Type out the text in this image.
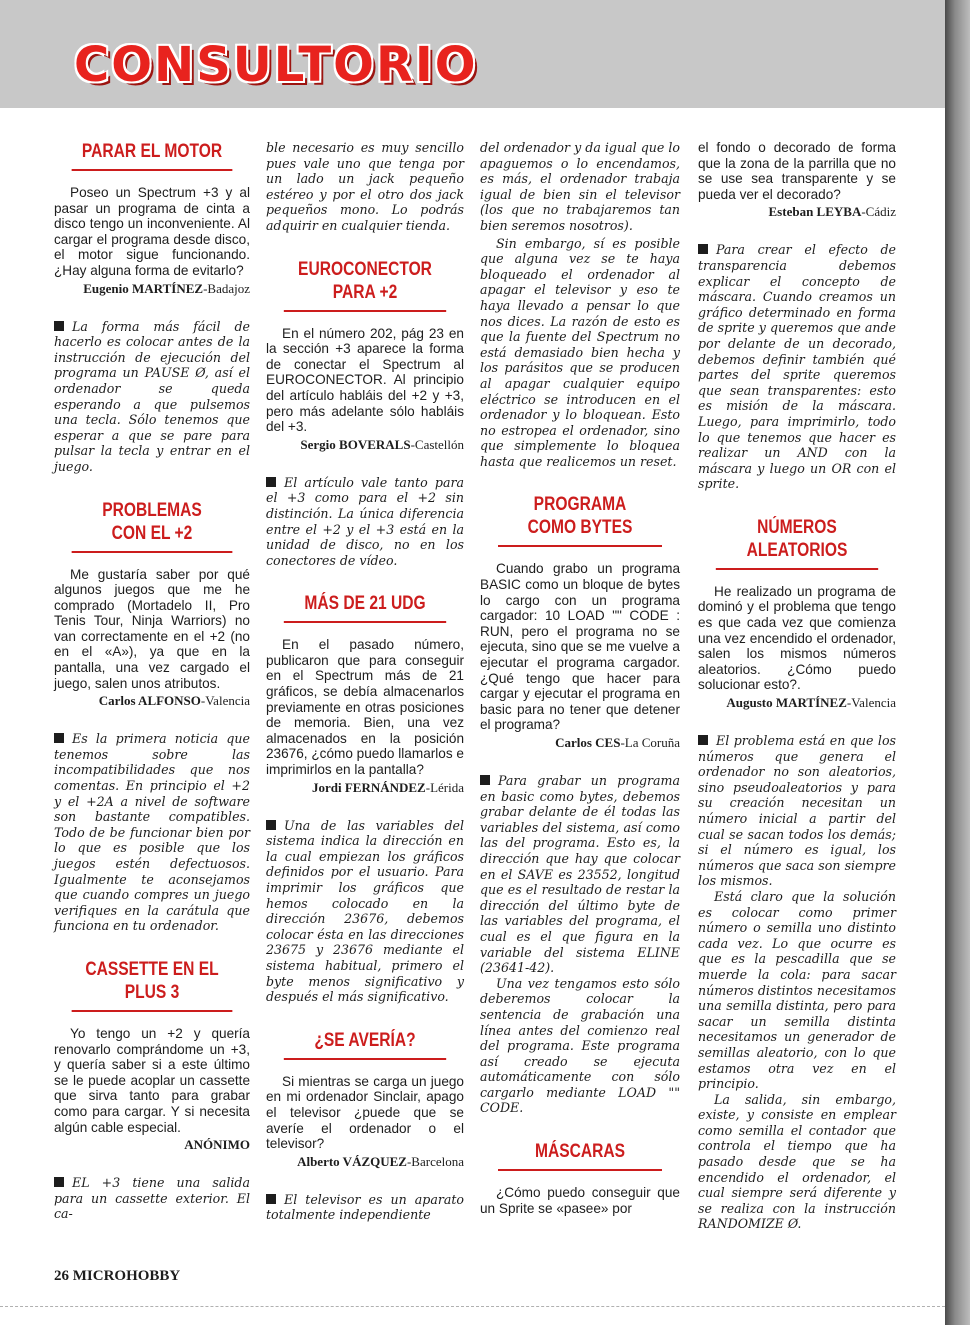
CONSULTORIO
PARAR EL MOTOR
Poseo un Spectrum +3 y al pasar un programa de cinta a disco tengo un inconveniente. Al cargar el programa desde disco, el motor sigue funcionando. ¿Hay alguna forma de evitarlo?
Eugenio MARTÍNEZ-Badajoz
La forma más fácil de hacerlo es colocar antes de la instrucción de ejecución del programa un PAUSE Ø, así el ordenador se queda esperando a que pulsemos una tecla. Sólo tenemos que esperar a que se pare para pulsar la tecla y entrar en el juego.
PROBLEMAS
CON EL +2
Me gustaría saber por qué algunos juegos que me he comprado (Mortadelo II, Pro Tenis Tour, Ninja Warriors) no van correctamente en el +2 (no en el «A»), ya que en la pantalla, una vez cargado el juego, salen unos atributos.
Carlos ALFONSO-Valencia
Es la primera noticia que tenemos sobre las incompatibilidades que nos comentas. En principio el +2 y el +2A a nivel de software son bastante compatibles. Todo de be funcionar bien por lo que es posible que los juegos estén defectuosos. Igualmente te aconsejamos que cuando compres un juego verifiques en la carátula que funciona en tu ordenador.
CASSETTE EN EL
PLUS 3
Yo tengo un +2 y quería renovarlo comprándome un +3, y quería saber si a este último se le puede acoplar un cassette que sirva tanto para grabar como para cargar. Y si necesita algún cable especial.
ANÓNIMO
EL +3 tiene una salida para un cassette exterior. El ca-
ble necesario es muy sencillo pues vale uno que tenga por un lado un jack pequeño estéreo y por el otro dos jack pequeños mono. Lo podrás adquirir en cualquier tienda.
EUROCONECTOR
PARA +2
En el número 202, pág 23 en la sección +3 aparece la forma de conectar el Spectrum al EUROCONECTOR. Al principio del artículo habláis del +2 y +3, pero más adelante sólo habláis del +3.
Sergio BOVERALS-Castellón
El artículo vale tanto para el +3 como para el +2 sin distinción. La única diferencia entre el +2 y el +3 está en la unidad de disco, no en los conectores de vídeo.
MÁS DE 21 UDG
En el pasado número, publicaron que para conseguir en el Spectrum más de 21 gráficos, se debía almacenarlos previamente en otras posiciones de memoria. Bien, una vez almacenados en la posición 23676, ¿cómo puedo llamarlos e imprimirlos en la pantalla?
Jordi FERNÁNDEZ-Lérida
Una de las variables del sistema indica la dirección en la cual empiezan los gráficos definidos por el usuario. Para imprimir los gráficos que hemos colocado en la dirección 23676, debemos colocar ésta en las direcciones 23675 y 23676 mediante el sistema habitual, primero el byte menos significativo y después el más significativo.
¿SE AVERÍA?
Si mientras se carga un juego en mi ordenador Sinclair, apago el televisor ¿puede que se averíe el ordenador o el televisor?
Alberto VÁZQUEZ-Barcelona
El televisor es un aparato totalmente independiente
del ordenador y da igual que lo apaguemos o lo encendamos, es más, el ordenador trabaja igual de bien sin el televisor (los que no trabajaremos tan bien seremos nosotros).
Sin embargo, sí es posible que alguna vez se te haya bloqueado el ordenador al apagar el televisor y eso te haya llevado a pensar lo que nos dices. La razón de esto es que la fuente del Spectrum no está demasiado bien hecha y los parásitos que se producen al apagar cualquier equipo eléctrico se introducen en el ordenador y lo bloquean. Esto no estropea el ordenador, sino que simplemente lo bloquea hasta que realicemos un reset.
PROGRAMA
COMO BYTES
Cuando grabo un programa BASIC como un bloque de bytes lo cargo con un programa cargador: 10 LOAD "" CODE : RUN, pero el programa no se ejecuta, sino que se me vuelve a ejecutar el programa cargador. ¿Qué tengo que hacer para cargar y ejecutar el programa en basic para no tener que detener el programa?
Carlos CES-La Coruña

Para grabar un programa en basic como bytes, debemos grabar delante de él todas las variables del sistema, así como las del programa. Esto es, la dirección que hay que colocar en el SAVE es 23552, longitud que es el resultado de restar la dirección del último byte de las variables del programa, el cual es el que figura en la variable del sistema ELINE (23641-42).

Una vez tengamos esto sólo deberemos colocar la sentencia de grabación una línea antes del comienzo real del programa. Este programa así creado se ejecuta automáticamente con sólo cargarlo mediante LOAD "" CODE.

MÁSCARAS
¿Cómo puedo conseguir que un Sprite se «pasee» por
el fondo o decorado de forma que la zona de la parrilla que no se use sea transparente y se pueda ver el decorado?
Esteban LEYBA-Cádiz
Para crear el efecto de transparencia debemos explicar el concepto de máscara. Cuando creamos un gráfico determinado en forma de sprite y queremos que ande por delante de un decorado, debemos definir también qué partes del sprite queremos que sean transparentes: esto es misión de la máscara. Luego, para imprimirlo, todo lo que tenemos que hacer es realizar un AND con la máscara y luego un OR con el sprite.
NÚMEROS
ALEATORIOS
He realizado un programa de dominó y el problema que tengo es que cada vez que comienza una vez encendido el ordenador, salen los mismos números aleatorios. ¿Cómo puedo solucionar esto?.
Augusto MARTÍNEZ-Valencia

El problema está en que los números que genera el ordenador no son aleatorios, sino pseudoaleatorios y para su creación necesitan un número inicial a partir del cual se sacan todos los demás; si el número es igual, los números que saca son siempre los mismos.

Está claro que la solución es colocar como primer número o semilla uno distinto cada vez. Lo que ocurre es que es la pescadilla que se muerde la cola: para sacar números distintos necesitamos una semilla distinta, pero para sacar un semilla distinta necesitamos un generador de semillas aleatorio, con lo que estamos otra vez en el principio.

La salida, sin embargo, existe, y consiste en emplear como semilla el contador que controla el tiempo que ha pasado desde que se ha encendido el ordenador, el cual siempre será diferente y se realiza con la instrucción RANDOMIZE Ø.

26 MICROHOBBY
